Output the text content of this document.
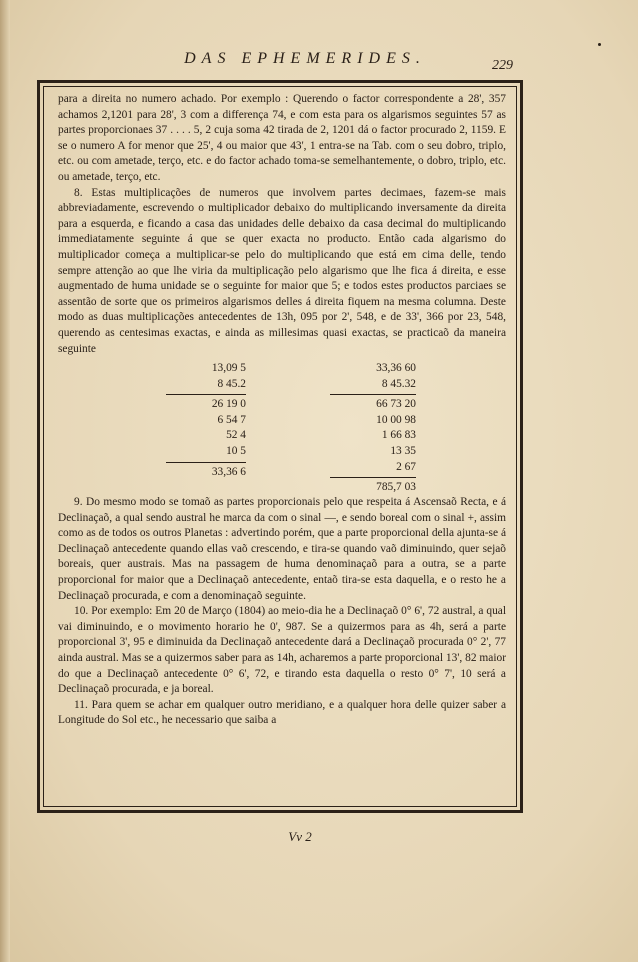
DAS EPHEMERIDES.	229

para a direita no numero achado. Por exemplo : Querendo o factor correspondente a 28', 357 achamos 2,1201 para 28', 3 com a differença 74, e com esta para os algarismos seguintes 57 as partes proporcionaes 37 . . . . 5, 2 cuja soma 42 tirada de 2, 1201 dá o factor procurado 2, 1159. E se o numero A for menor que 25', 4 ou maior que 43', 1 entra-se na Tab. com o seu dobro, triplo, etc. ou com ametade, terço, etc. e do factor achado toma-se semelhantemente, o dobro, triplo, etc. ou ametade, terço, etc.

8. Estas multiplicações de numeros que involvem partes decimaes, fazem-se mais abbreviadamente, escrevendo o multiplicador debaixo do multiplicando inversamente da direita para a esquerda, e ficando a casa das unidades delle debaixo da casa decimal do multiplicando immediatamente seguinte á que se quer exacta no producto. Então cada algarismo do multiplicador começa a multiplicar-se pelo do multiplicando que está em cima delle, tendo sempre attenção ao que lhe viria da multiplicação pelo algarismo que lhe fica á direita, e esse augmentado de huma unidade se o seguinte for maior que 5; e todos estes productos parciaes se assentão de sorte que os primeiros algarismos delles á direita fiquem na mesma columna. Deste modo as duas multiplicações antecedentes de 13h, 095 por 2', 548, e de 33', 366 por 23, 548, querendo as centesimas exactas, e ainda as millesimas quasi exactas, se practicaõ da maneira seguinte

13,09 5
8 45.2
26 19 0
6 54 7
52 4
10 5
33,36 6
33,36 60
8 45.32
66 73 20
10 00 98
1 66 83
13 35
2 67
785,7 03

9. Do mesmo modo se tomaõ as partes proporcionais pelo que respeita á Ascensaõ Recta, e á Declinaçaõ, a qual sendo austral he marca da com o sinal —, e sendo boreal com o sinal +, assim como as de todos os outros Planetas : advertindo porém, que a parte proporcional della ajunta-se á Declinaçaõ antecedente quando ellas vaõ crescendo, e tira-se quando vaõ diminuindo, quer sejaõ boreais, quer austrais. Mas na passagem de huma denominaçaõ para a outra, se a parte proporcional for maior que a Declinaçaõ antecedente, entaõ tira-se esta daquella, e o resto he a Declinaçaõ procurada, e com a denominaçaõ seguinte.

10. Por exemplo: Em 20 de Março (1804) ao meio-dia he a Declinaçaõ 0° 6', 72 austral, a qual vai diminuindo, e o movimento horario he 0', 987. Se a quizermos para as 4h, será a parte proporcional 3', 95 e diminuida da Declinaçaõ antecedente dará a Declinaçaõ procurada 0° 2', 77 ainda austral. Mas se a quizermos saber para as 14h, acharemos a parte proporcional 13', 82 maior do que a Declinaçaõ antecedente 0° 6', 72, e tirando esta daquella o resto 0° 7', 10 será a Declinaçaõ procurada, e ja boreal.

11. Para quem se achar em qualquer outro meridiano, e a qualquer hora delle quizer saber a Longitude do Sol etc., he necessario que saiba a

Vv 2
